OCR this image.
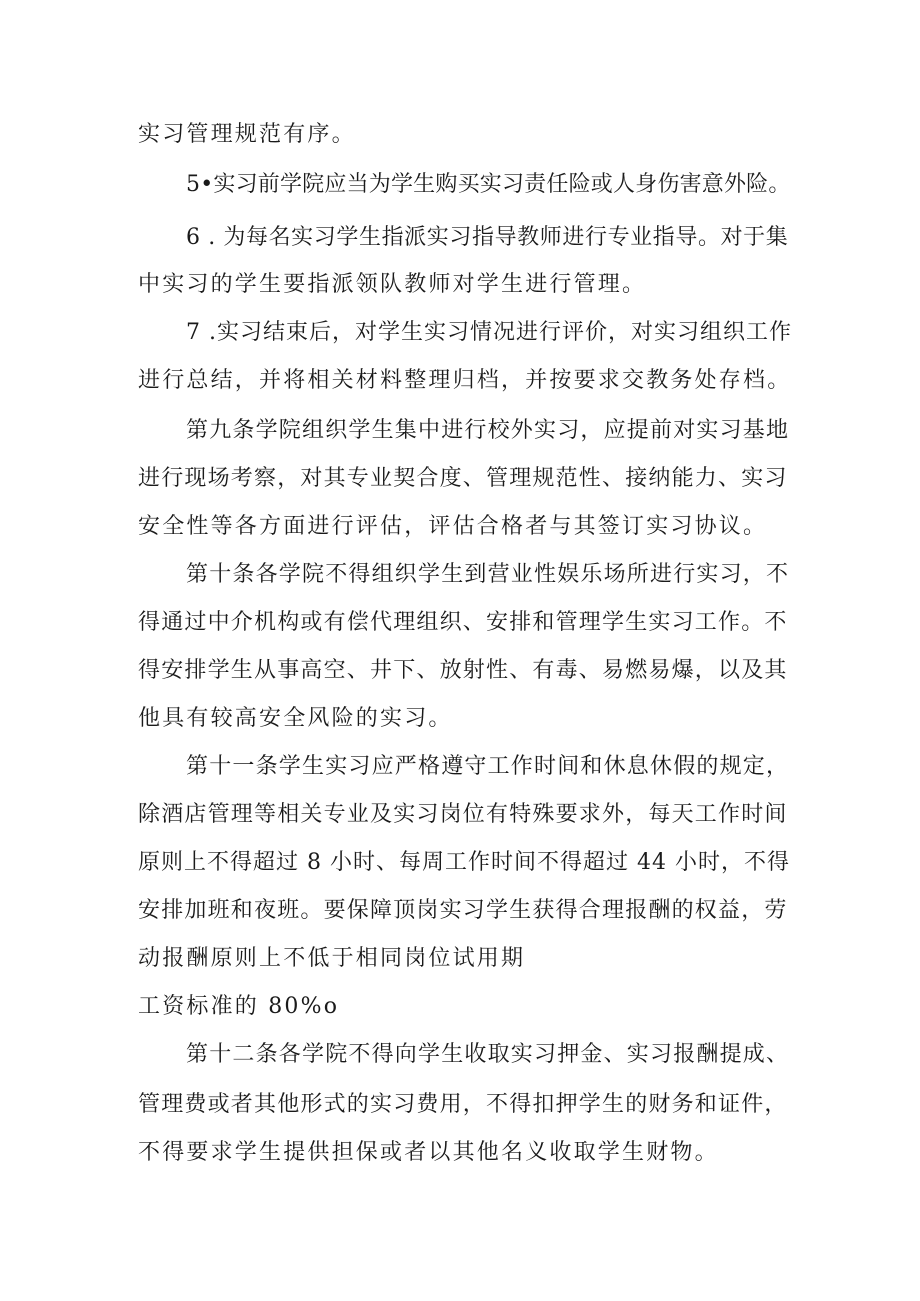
实习管理规范有序。
5•实习前学院应当为学生购买实习责任险或人身伤害意外险。
6 . 为每名实习学生指派实习指导教师进行专业指导。对于集
中实习的学生要指派领队教师对学生进行管理。
7 .实习结束后，对学生实习情况进行评价，对实习组织工作
进行总结，并将相关材料整理归档，并按要求交教务处存档。
第九条学院组织学生集中进行校外实习，应提前对实习基地
进行现场考察，对其专业契合度、管理规范性、接纳能力、实习
安全性等各方面进行评估，评估合格者与其签订实习协议。
第十条各学院不得组织学生到营业性娱乐场所进行实习，不
得通过中介机构或有偿代理组织、安排和管理学生实习工作。不
得安排学生从事高空、井下、放射性、有毒、易燃易爆，以及其
他具有较高安全风险的实习。
第十一条学生实习应严格遵守工作时间和休息休假的规定，
除酒店管理等相关专业及实习岗位有特殊要求外，每天工作时间
原则上不得超过 8 小时、每周工作时间不得超过 44 小时，不得
安排加班和夜班。要保障顶岗实习学生获得合理报酬的权益，劳
动报酬原则上不低于相同岗位试用期
工资标准的 80%o
第十二条各学院不得向学生收取实习押金、实习报酬提成、
管理费或者其他形式的实习费用，不得扣押学生的财务和证件，
不得要求学生提供担保或者以其他名义收取学生财物。
